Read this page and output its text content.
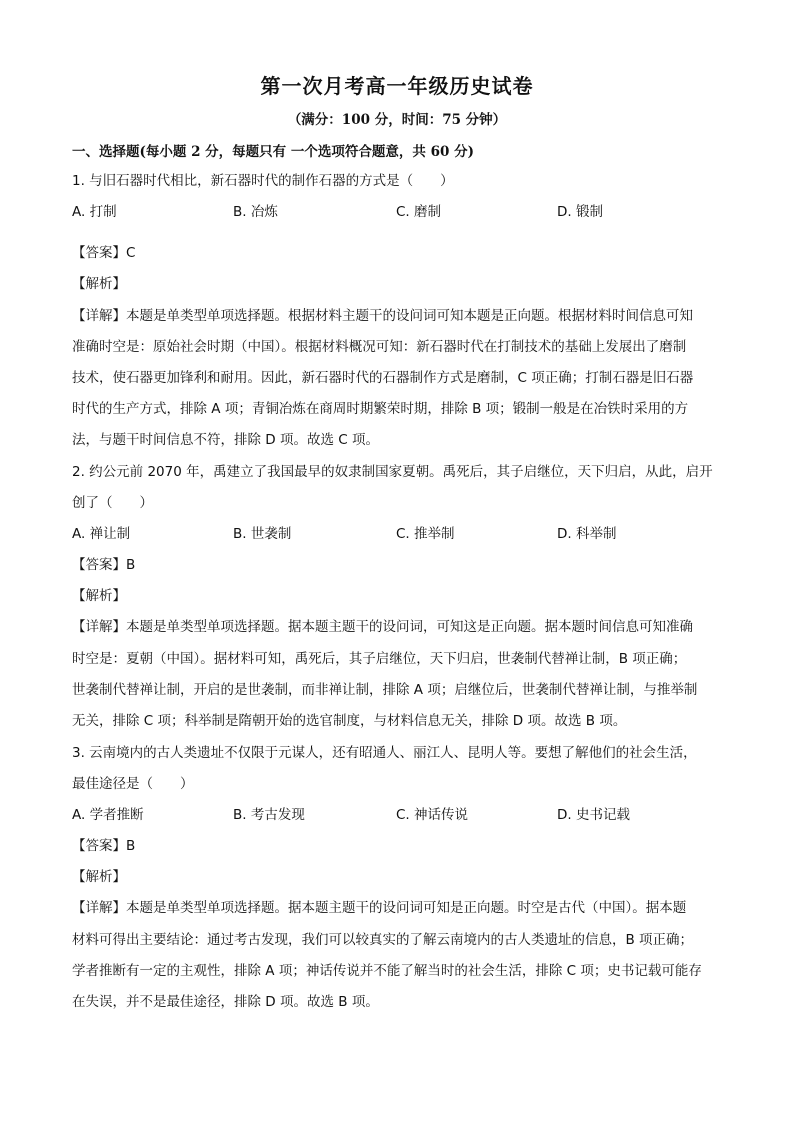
第一次月考高一年级历史试卷
（满分：100 分，时间：75 分钟）
一、选择题(每小题 2 分，每题只有 一个选项符合题意，共 60 分)
1. 与旧石器时代相比，新石器时代的制作石器的方式是（　　）
A. 打制	B. 冶炼	C. 磨制	D. 锻制
【答案】C
【解析】
【详解】本题是单类型单项选择题。根据材料主题干的设问词可知本题是正向题。根据材料时间信息可知
准确时空是：原始社会时期（中国）。根据材料概况可知：新石器时代在打制技术的基础上发展出了磨制
技术，使石器更加锋利和耐用。因此，新石器时代的石器制作方式是磨制，C 项正确；打制石器是旧石器
时代的生产方式，排除 A 项；青铜冶炼在商周时期繁荣时期，排除 B 项；锻制一般是在冶铁时采用的方
法，与题干时间信息不符，排除 D 项。故选 C 项。
2. 约公元前 2070 年，禹建立了我国最早的奴隶制国家夏朝。禹死后，其子启继位，天下归启，从此，启开
创了（　　）
A. 禅让制	B. 世袭制	C. 推举制	D. 科举制
【答案】B
【解析】
【详解】本题是单类型单项选择题。据本题主题干的设问词，可知这是正向题。据本题时间信息可知准确
时空是：夏朝（中国）。据材料可知，禹死后，其子启继位，天下归启，世袭制代替禅让制，B 项正确；
世袭制代替禅让制，开启的是世袭制，而非禅让制，排除 A 项；启继位后，世袭制代替禅让制，与推举制
无关，排除 C 项；科举制是隋朝开始的选官制度，与材料信息无关，排除 D 项。故选 B 项。
3. 云南境内的古人类遗址不仅限于元谋人，还有昭通人、丽江人、昆明人等。要想了解他们的社会生活，
最佳途径是（　　）
A. 学者推断	B. 考古发现	C. 神话传说	D. 史书记载
【答案】B
【解析】
【详解】本题是单类型单项选择题。据本题主题干的设问词可知是正向题。时空是古代（中国）。据本题
材料可得出主要结论：通过考古发现，我们可以较真实的了解云南境内的古人类遗址的信息，B 项正确；
学者推断有一定的主观性，排除 A 项；神话传说并不能了解当时的社会生活，排除 C 项；史书记载可能存
在失误，并不是最佳途径，排除 D 项。故选 B 项。
